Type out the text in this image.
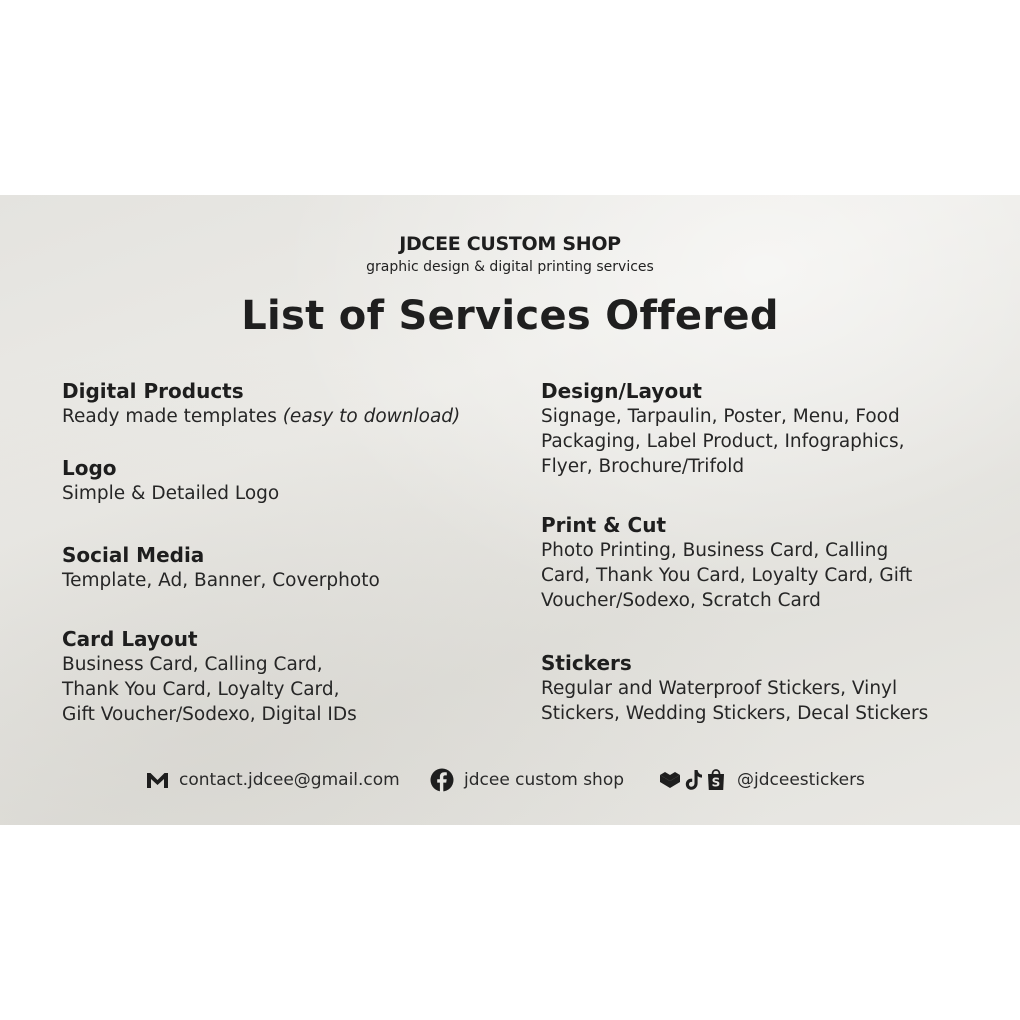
JDCEE CUSTOM SHOP
graphic design & digital printing services
List of Services Offered
Digital Products
Ready made templates (easy to download)
Logo
Simple & Detailed Logo
Social Media
Template, Ad, Banner, Coverphoto
Card Layout
Business Card, Calling Card,
Thank You Card, Loyalty Card,
Gift Voucher/Sodexo, Digital IDs
Design/Layout
Signage, Tarpaulin, Poster, Menu, Food
Packaging, Label Product, Infographics,
Flyer, Brochure/Trifold
Print & Cut
Photo Printing, Business Card, Calling
Card, Thank You Card, Loyalty Card, Gift
Voucher/Sodexo, Scratch Card
Stickers
Regular and Waterproof Stickers, Vinyl
Stickers, Wedding Stickers, Decal Stickers
contact.jdcee@gmail.com	jdcee custom shop	S @jdceestickers
